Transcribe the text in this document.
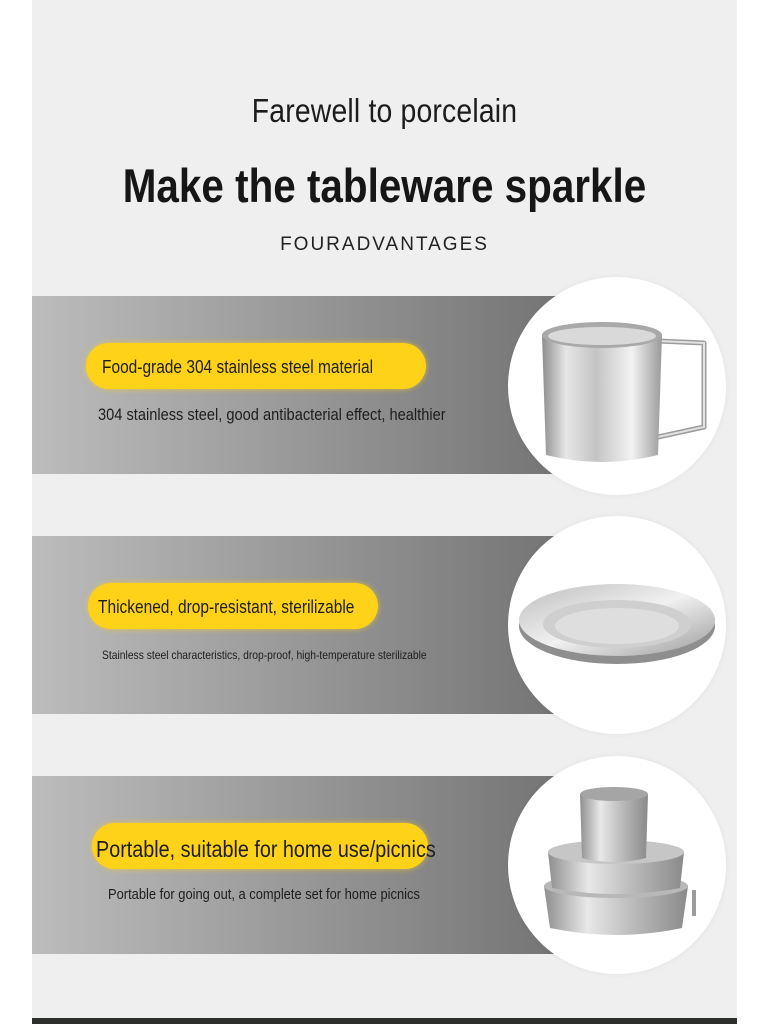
Farewell to porcelain
Make the tableware sparkle
FOURADVANTAGES
Food-grade 304 stainless steel material
304 stainless steel, good antibacterial effect, healthier
Thickened, drop-resistant, sterilizable
Stainless steel characteristics, drop-proof, high-temperature sterilizable
Portable, suitable for home use/picnics
Portable for going out, a complete set for home picnics
